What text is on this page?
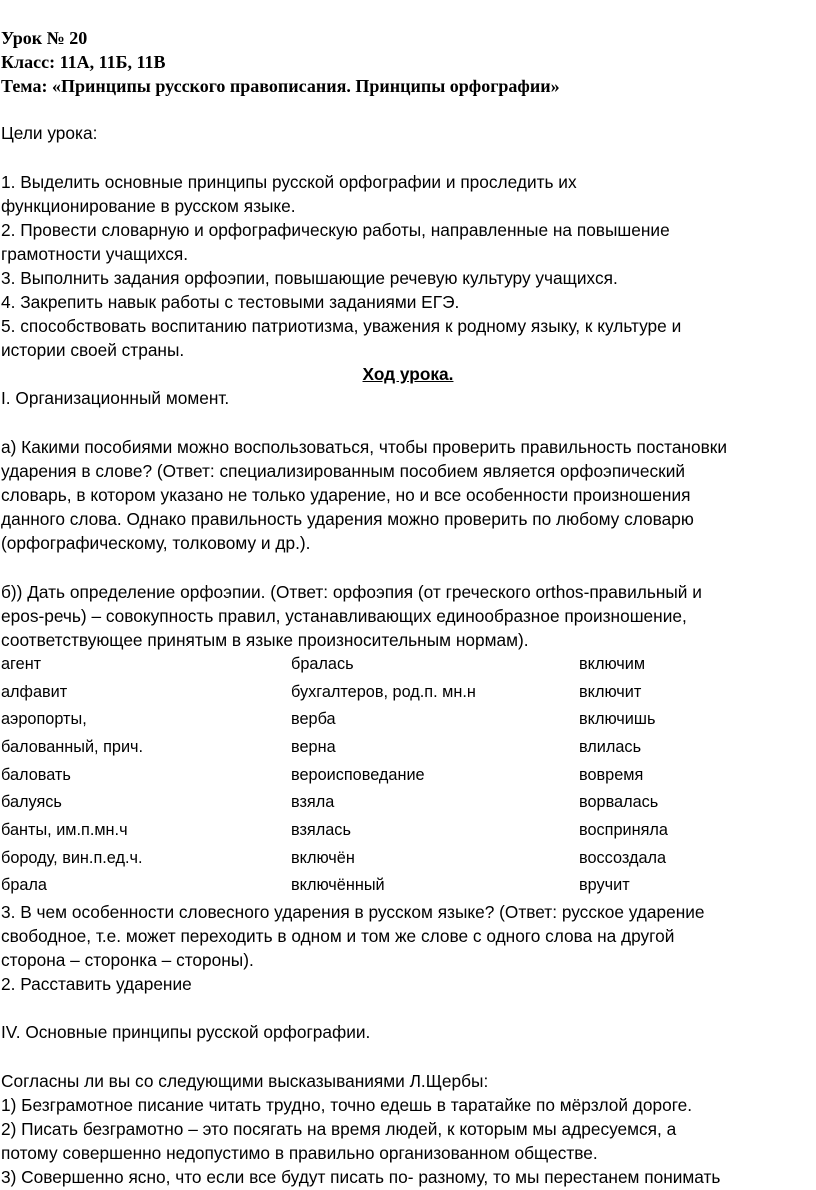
Урок № 20
Класс: 11А, 11Б, 11В
Тема: «Принципы русского правописания. Принципы орфографии»
Цели урока:
1. Выделить основные принципы русской орфографии и проследить их
функционирование в русском языке.
2. Провести словарную и орфографическую работы, направленные на повышение
грамотности учащихся.
3. Выполнить задания орфоэпии, повышающие речевую культуру учащихся.
4. Закрепить навык работы с тестовыми заданиями ЕГЭ.
5. способствовать воспитанию патриотизма, уважения к родному языку, к культуре и
истории своей страны.
Ход урока.
I. Организационный момент.
а) Какими пособиями можно воспользоваться, чтобы проверить правильность постановки
ударения в слове? (Ответ: специализированным пособием является орфоэпический
словарь, в котором указано не только ударение, но и все особенности произношения
данного слова. Однако правильность ударения можно проверить по любому словарю
(орфографическому, толковому и др.).
б)) Дать определение орфоэпии. (Ответ: орфоэпия (от греческого orthos-правильный и
epos-речь) – совокупность правил, устанавливающих единообразное произношение,
соответствующее принятым в языке произносительным нормам).
агент	бралась	включим
алфавит	бухгалтеров, род.п. мн.н	включит
аэропорты,	верба	включишь
балованный, прич.	верна	влилась
баловать	вероисповедание	вовремя
балуясь	взяла	ворвалась
банты, им.п.мн.ч	взялась	восприняла
бороду, вин.п.ед.ч.	включён	воссоздала
брала	включённый	вручит
3. В чем особенности словесного ударения в русском языке? (Ответ: русское ударение
свободное, т.е. может переходить в одном и том же слове с одного слова на другой
сторона – сторонка – стороны).
2. Расставить ударение
IV. Основные принципы русской орфографии.
Согласны ли вы со следующими высказываниями Л.Щербы:
1) Безграмотное писание читать трудно, точно едешь в таратайке по мёрзлой дороге.
2) Писать безграмотно – это посягать на время людей, к которым мы адресуемся, а
потому совершенно недопустимо в правильно организованном обществе.
3) Совершенно ясно, что если все будут писать по- разному, то мы перестанем понимать
